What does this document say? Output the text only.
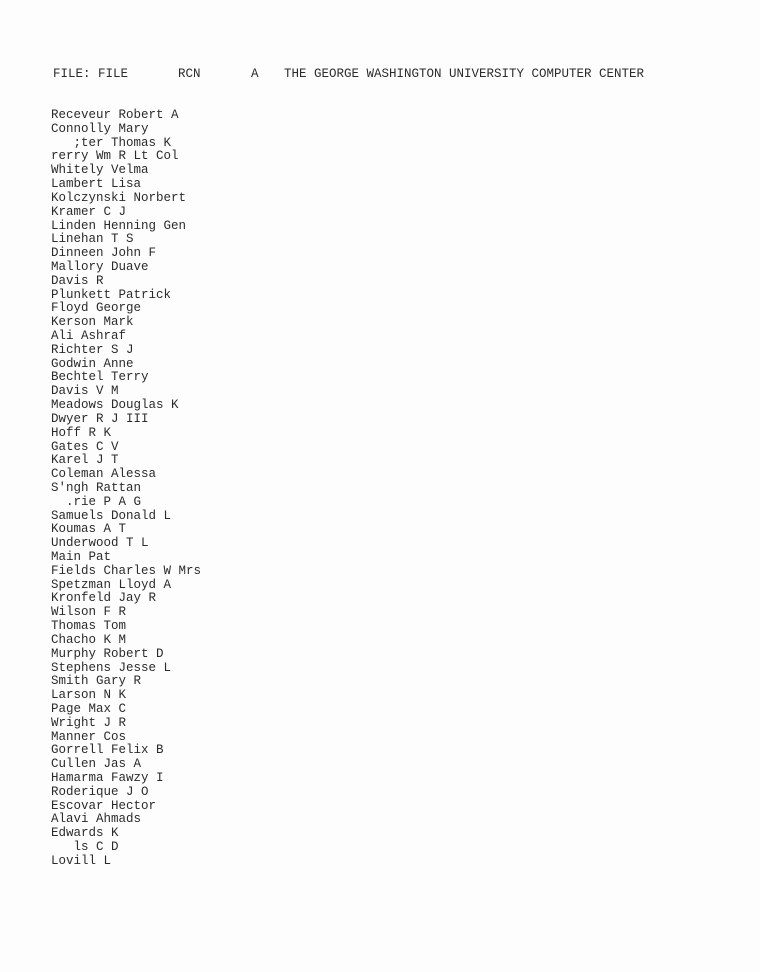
FILE: FILE

	RCN

	A

THE GEORGE WASHINGTON UNIVERSITY COMPUTER CENTER

Receveur Robert A
Connolly Mary
;ter Thomas K
rerry Wm R Lt Col
Whitely Velma
Lambert Lisa
Kolczynski Norbert
Kramer C J
Linden Henning Gen
Linehan T S
Dinneen John F
Mallory Duave
Davis R
Plunkett Patrick
Floyd George
Kerson Mark
Ali Ashraf
Richter S J
Godwin Anne
Bechtel Terry
Davis V M
Meadows Douglas K
Dwyer R J III
Hoff R K
Gates C V
Karel J T
Coleman Alessa
S'ngh Rattan
.rie P A G
Samuels Donald L
Koumas A T
Underwood T L
Main Pat
Fields Charles W Mrs
Spetzman Lloyd A
Kronfeld Jay R
Wilson F R
Thomas Tom
Chacho K M
Murphy Robert D
Stephens Jesse L
Smith Gary R
Larson N K
Page Max C
Wright J R
Manner Cos
Gorrell Felix B
Cullen Jas A
Hamarma Fawzy I
Roderique J O
Escovar Hector
Alavi Ahmads
Edwards K
ls C D
Lovill L
